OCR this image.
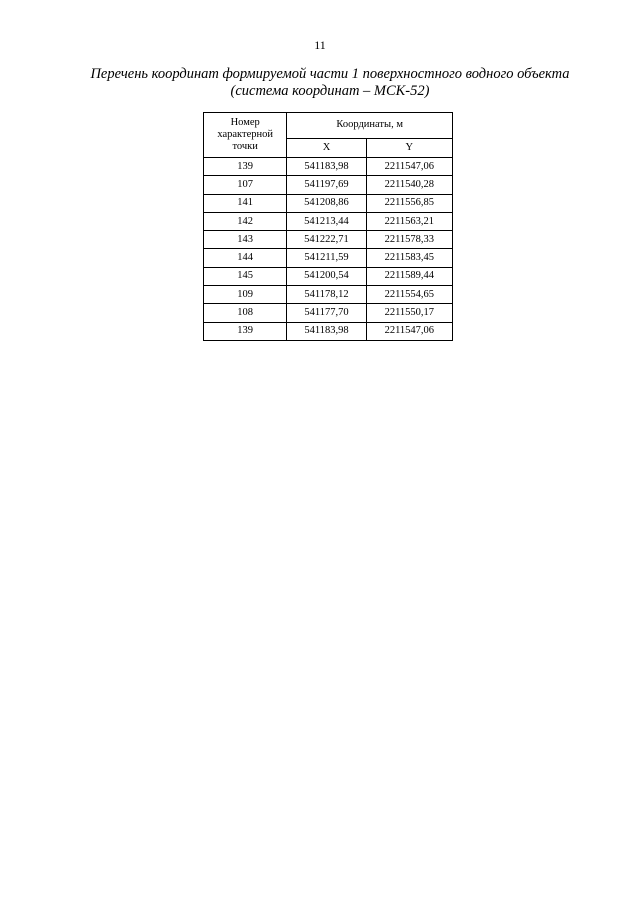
11
Перечень координат формируемой части 1 поверхностного водного объекта
(система координат – МСК-52)
Номер характерной точки	Координаты, м	
	X	Y
139	541183,98	2211547,06
107	541197,69	2211540,28
141	541208,86	2211556,85
142	541213,44	2211563,21
143	541222,71	2211578,33
144	541211,59	2211583,45
145	541200,54	2211589,44
109	541178,12	2211554,65
108	541177,70	2211550,17
139	541183,98	2211547,06
